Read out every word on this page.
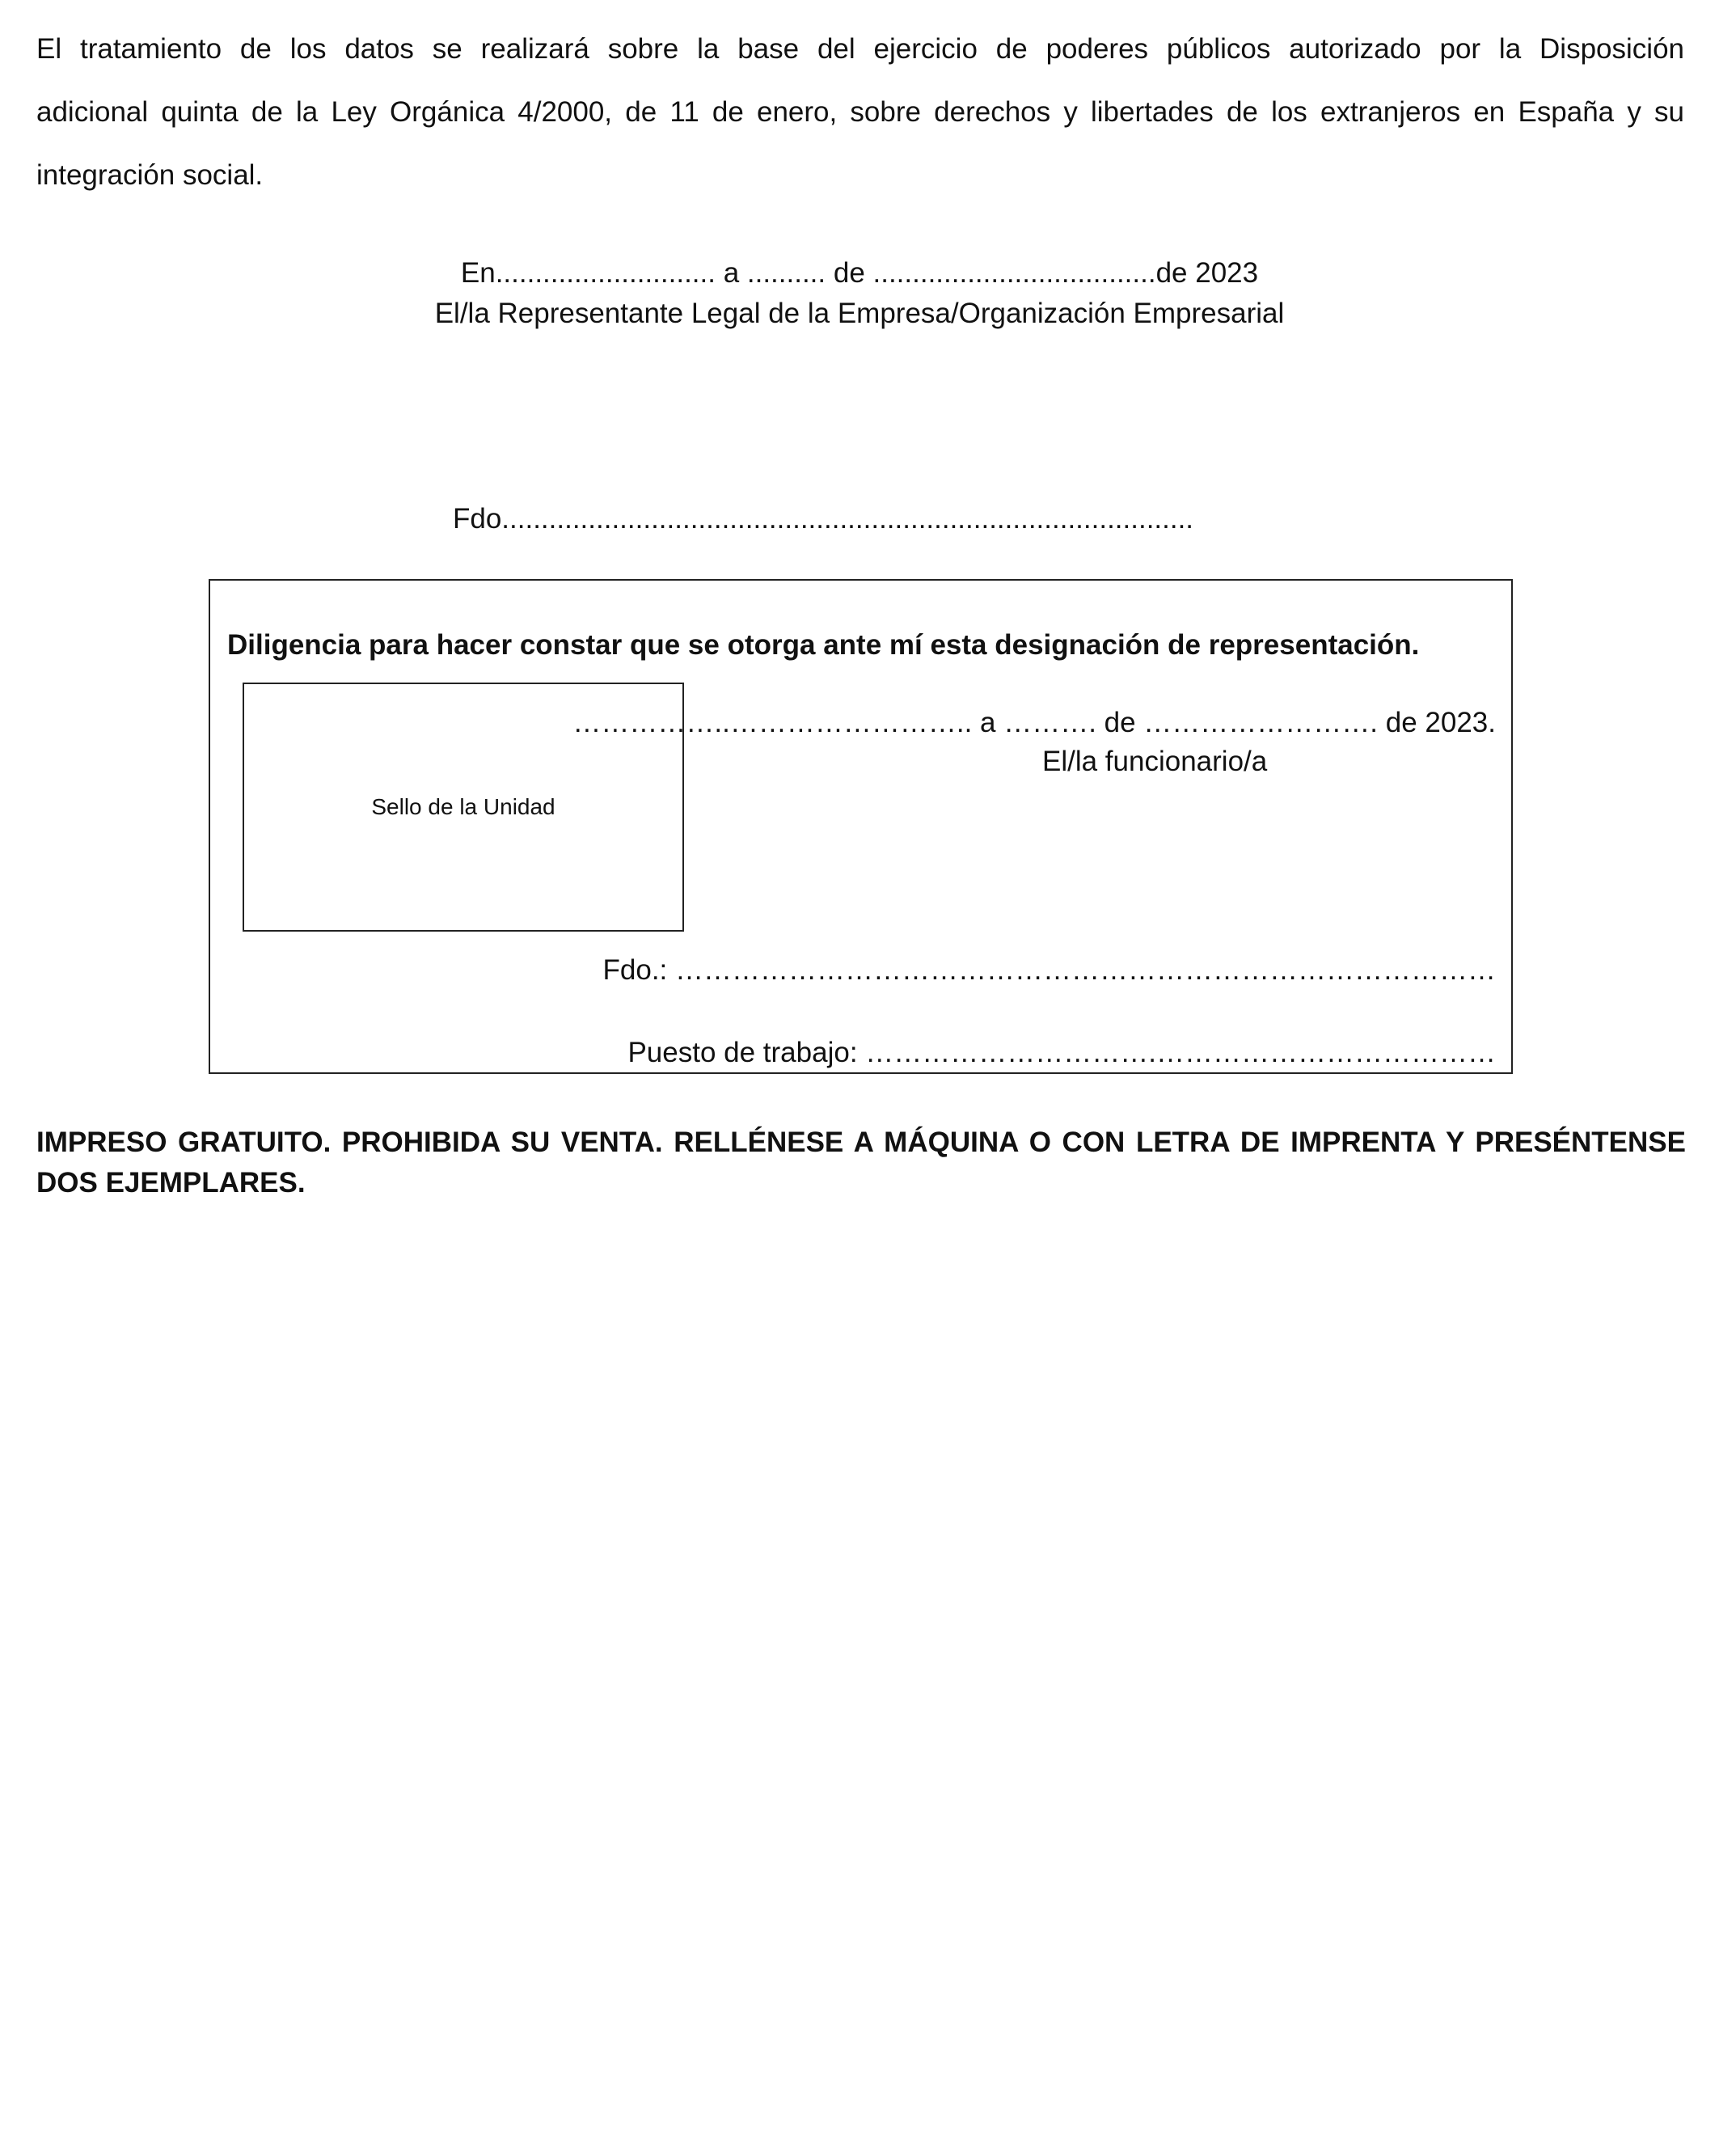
El tratamiento de los datos se realizará sobre la base del ejercicio de poderes públicos autorizado por la Disposición
adicional quinta de la Ley Orgánica 4/2000, de 11 de enero, sobre derechos y libertades de los extranjeros en España y su
integración social.

En............................ a .......... de ....................................de 2023

El/la Representante Legal de la Empresa/Organización Empresarial

Fdo........................................................................................

Diligencia para hacer constar que se otorga ante mí esta designación de representación.

Sello de la Unidad

……………..…………………….. a ………. de ……………………. de 2023.

El/la funcionario/a

Fdo.: ……………………………………………………………………………

Puesto de trabajo: ………………………….………………………………

IMPRESO GRATUITO. PROHIBIDA SU VENTA. RELLÉNESE A MÁQUINA O CON LETRA DE IMPRENTA Y PRESÉNTENSE DOS EJEMPLARES.
